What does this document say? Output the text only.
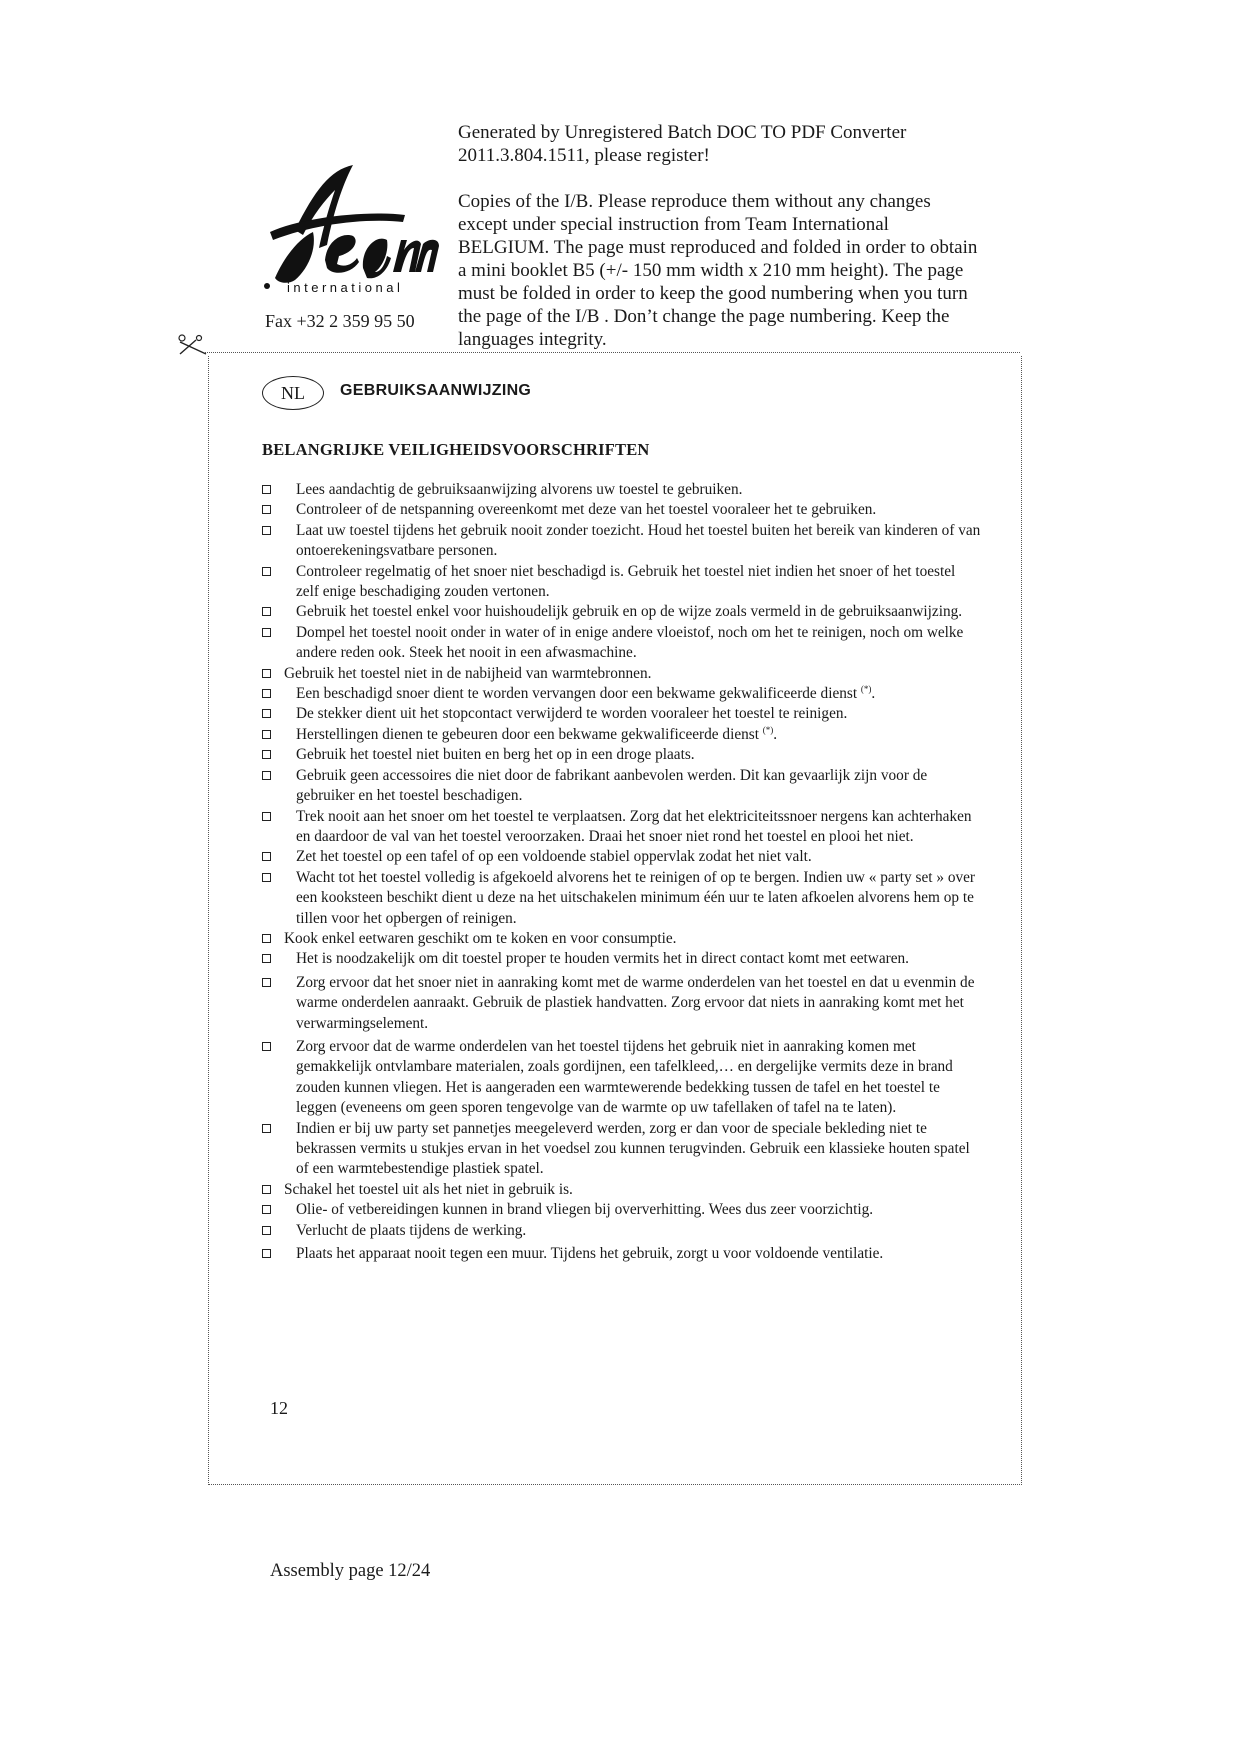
international
Fax +32 2 359 95 50
Generated by Unregistered Batch DOC TO PDF Converter 2011.3.804.1511, please register!
Copies of the I/B. Please reproduce them without any changes except under special instruction from Team International BELGIUM. The page must reproduced and folded in order to obtain a mini booklet B5 (+/- 150 mm width x 210 mm height). The page must be folded in order to keep the good numbering when you turn the page of the I/B . Don’t change the page numbering. Keep the languages integrity.
NL	GEBRUIKSAANWIJZING
BELANGRIJKE VEILIGHEIDSVOORSCHRIFTEN
Lees aandachtig de gebruiksaanwijzing alvorens uw toestel te gebruiken.
Controleer of de netspanning overeenkomt met deze van het toestel vooraleer het te gebruiken.
Laat uw toestel tijdens het gebruik nooit zonder toezicht. Houd het toestel buiten het bereik van kinderen of van ontoerekeningsvatbare personen.
Controleer regelmatig of het snoer niet beschadigd is. Gebruik het toestel niet indien het snoer of het toestel zelf enige beschadiging zouden vertonen.
Gebruik het toestel enkel voor huishoudelijk gebruik en op de wijze zoals vermeld in de gebruiksaanwijzing.
Dompel het toestel nooit onder in water of in enige andere vloeistof, noch om het te reinigen, noch om welke andere reden ook. Steek het nooit in een afwasmachine.
Gebruik het toestel niet in de nabijheid van warmtebronnen.
Een beschadigd snoer dient te worden vervangen door een bekwame gekwalificeerde dienst (*).
De stekker dient uit het stopcontact verwijderd te worden vooraleer het toestel te reinigen.
Herstellingen dienen te gebeuren door een bekwame gekwalificeerde dienst (*).
Gebruik het toestel niet buiten en berg het op in een droge plaats.
Gebruik geen accessoires die niet door de fabrikant aanbevolen werden. Dit kan gevaarlijk zijn voor de gebruiker en het toestel beschadigen.
Trek nooit aan het snoer om het toestel te verplaatsen. Zorg dat het elektriciteitssnoer nergens kan achterhaken en daardoor de val van het toestel veroorzaken. Draai het snoer niet rond het toestel en plooi het niet.
Zet het toestel op een tafel of op een voldoende stabiel oppervlak zodat het niet valt.
Wacht tot het toestel volledig is afgekoeld alvorens het te reinigen of op te bergen. Indien uw « party set » over een kooksteen beschikt dient u deze na het uitschakelen minimum één uur te laten afkoelen alvorens hem op te tillen voor het opbergen of reinigen.
Kook enkel eetwaren geschikt om te koken en voor consumptie.
Het is noodzakelijk om dit toestel proper te houden vermits het in direct contact komt met eetwaren.
Zorg ervoor dat het snoer niet in aanraking komt met de warme onderdelen van het toestel en dat u evenmin de warme onderdelen aanraakt. Gebruik de plastiek handvatten. Zorg ervoor dat niets in aanraking komt met het verwarmingselement.
Zorg ervoor dat de warme onderdelen van het toestel tijdens het gebruik niet in aanraking komen met gemakkelijk ontvlambare materialen, zoals gordijnen, een tafelkleed,… en dergelijke vermits deze in brand zouden kunnen vliegen. Het is aangeraden een warmtewerende bedekking tussen de tafel en het toestel te leggen (eveneens om geen sporen tengevolge van de warmte op uw tafellaken of tafel na te laten).
Indien er bij uw party set pannetjes meegeleverd werden, zorg er dan voor de speciale bekleding niet te bekrassen vermits u stukjes ervan in het voedsel zou kunnen terugvinden. Gebruik een klassieke houten spatel of een warmtebestendige plastiek spatel.
Schakel het toestel uit als het niet in gebruik is.
Olie- of vetbereidingen kunnen in brand vliegen bij oververhitting. Wees dus zeer voorzichtig.
Verlucht de plaats tijdens de werking.
Plaats het apparaat nooit tegen een muur. Tijdens het gebruik, zorgt u voor voldoende ventilatie.
12
Assembly page 12/24
